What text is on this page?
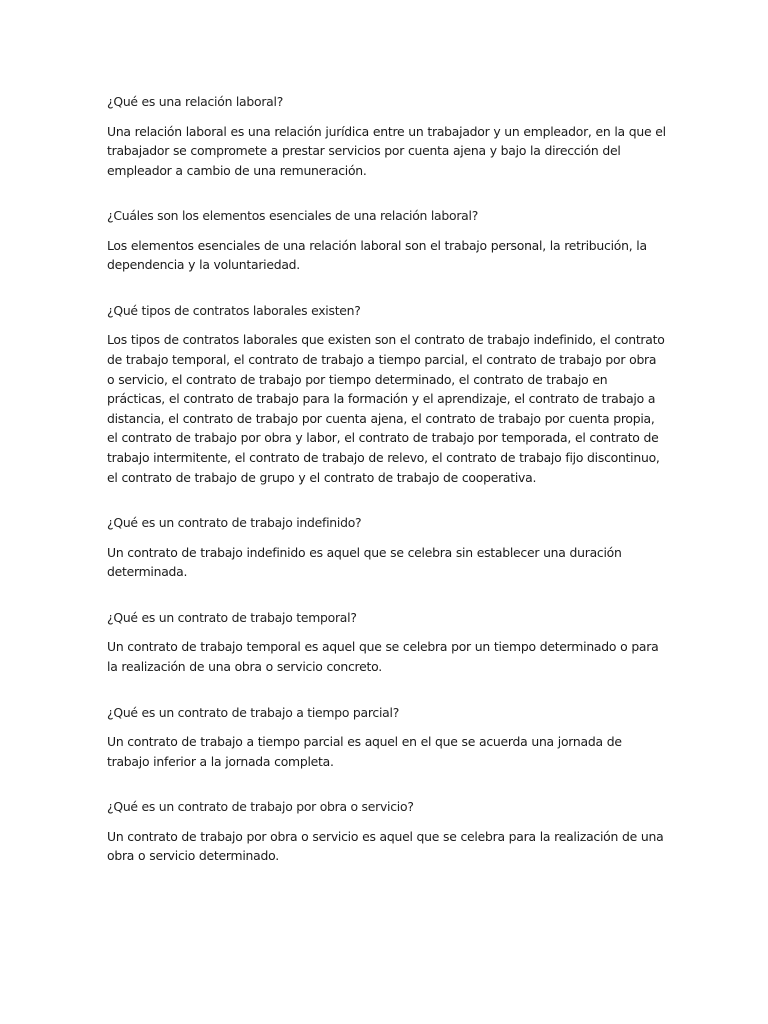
¿Qué es una relación laboral?

Una relación laboral es una relación jurídica entre un trabajador y un empleador, en la que el trabajador se compromete a prestar servicios por cuenta ajena y bajo la dirección del empleador a cambio de una remuneración.

¿Cuáles son los elementos esenciales de una relación laboral?

Los elementos esenciales de una relación laboral son el trabajo personal, la retribución, la dependencia y la voluntariedad.

¿Qué tipos de contratos laborales existen?

Los tipos de contratos laborales que existen son el contrato de trabajo indefinido, el contrato de trabajo temporal, el contrato de trabajo a tiempo parcial, el contrato de trabajo por obra o servicio, el contrato de trabajo por tiempo determinado, el contrato de trabajo en prácticas, el contrato de trabajo para la formación y el aprendizaje, el contrato de trabajo a distancia, el contrato de trabajo por cuenta ajena, el contrato de trabajo por cuenta propia, el contrato de trabajo por obra y labor, el contrato de trabajo por temporada, el contrato de trabajo intermitente, el contrato de trabajo de relevo, el contrato de trabajo fijo discontinuo, el contrato de trabajo de grupo y el contrato de trabajo de cooperativa.

¿Qué es un contrato de trabajo indefinido?

Un contrato de trabajo indefinido es aquel que se celebra sin establecer una duración determinada.

¿Qué es un contrato de trabajo temporal?

Un contrato de trabajo temporal es aquel que se celebra por un tiempo determinado o para la realización de una obra o servicio concreto.

¿Qué es un contrato de trabajo a tiempo parcial?

Un contrato de trabajo a tiempo parcial es aquel en el que se acuerda una jornada de trabajo inferior a la jornada completa.

¿Qué es un contrato de trabajo por obra o servicio?

Un contrato de trabajo por obra o servicio es aquel que se celebra para la realización de una obra o servicio determinado.
